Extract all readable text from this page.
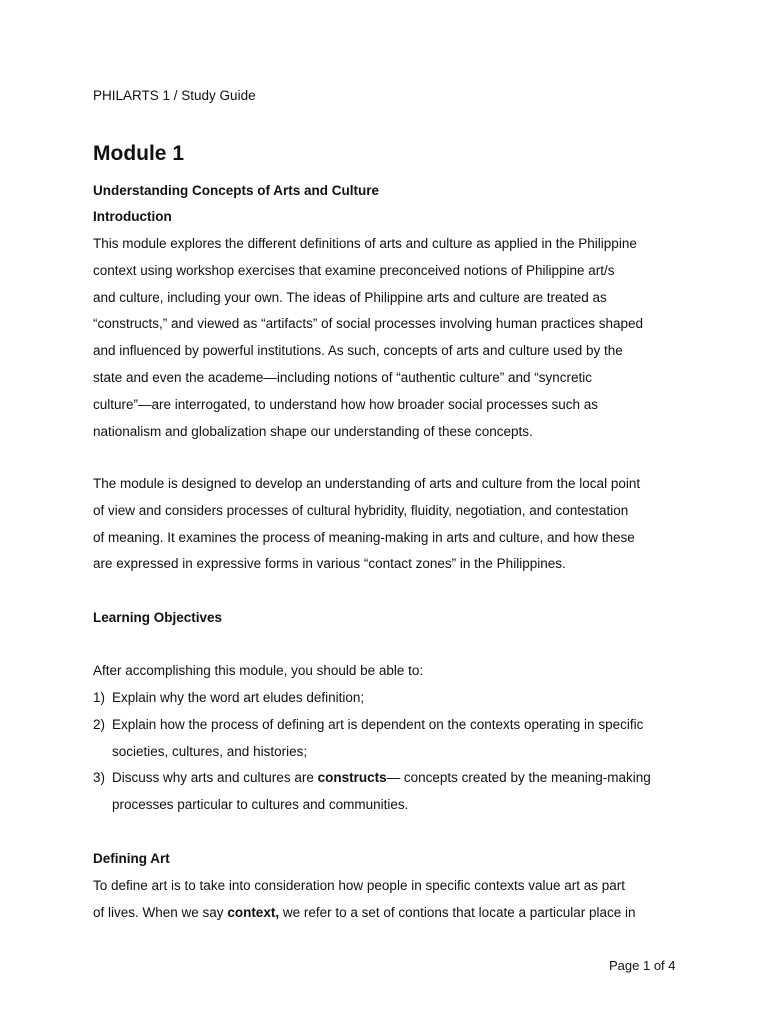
PHILARTS 1 / Study Guide
Module 1
Understanding Concepts of Arts and Culture
Introduction
This module explores the different definitions of arts and culture as applied in the Philippine
context using workshop exercises that examine preconceived notions of Philippine art/s
and culture, including your own. The ideas of Philippine arts and culture are treated as
“constructs,” and viewed as “artifacts” of social processes involving human practices shaped
and influenced by powerful institutions. As such, concepts of arts and culture used by the
state and even the academe—including notions of “authentic culture” and “syncretic
culture”—are interrogated, to understand how how broader social processes such as
nationalism and globalization shape our understanding of these concepts.
The module is designed to develop an understanding of arts and culture from the local point
of view and considers processes of cultural hybridity, fluidity, negotiation, and contestation
of meaning. It examines the process of meaning-making in arts and culture, and how these
are expressed in expressive forms in various “contact zones” in the Philippines.
Learning Objectives
After accomplishing this module, you should be able to:
1) Explain why the word art eludes definition;
2) Explain how the process of defining art is dependent on the contexts operating in specific
societies, cultures, and histories;
3) Discuss why arts and cultures are constructs— concepts created by the meaning-making
processes particular to cultures and communities.
Defining Art
To define art is to take into consideration how people in specific contexts value art as part
of lives. When we say context, we refer to a set of contions that locate a particular place in
Page 1 of 4
